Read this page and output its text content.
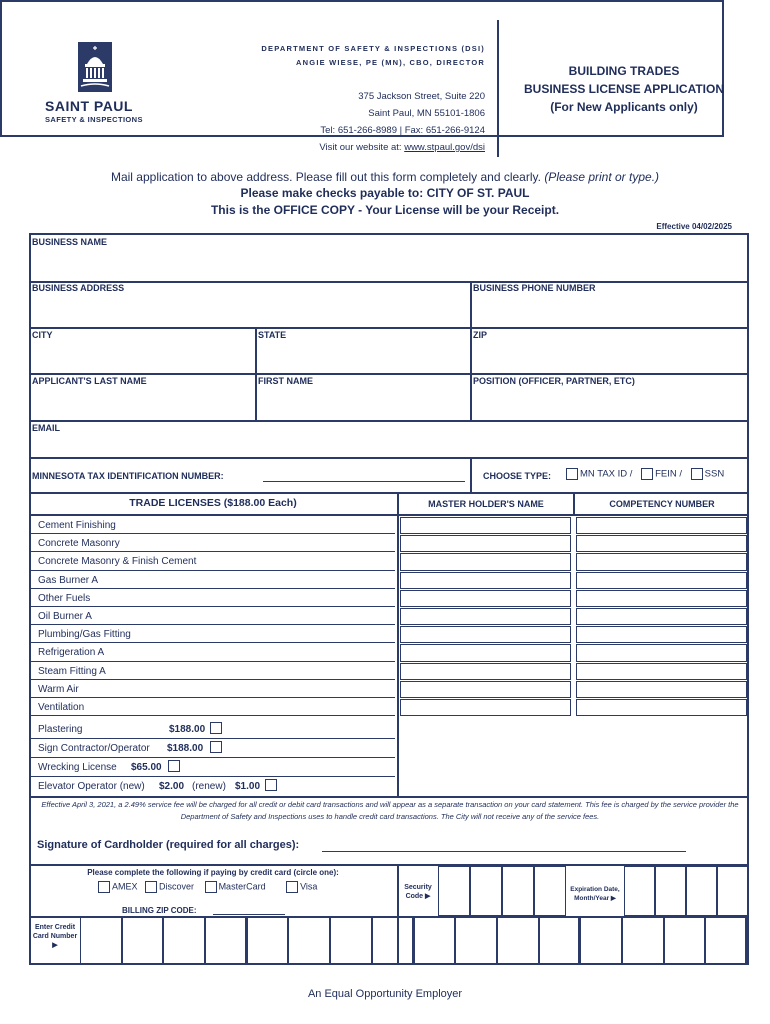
SAINT PAUL
SAFETY & INSPECTIONS
DEPARTMENT OF SAFETY & INSPECTIONS (DSI)
ANGIE WIESE, PE (MN), CBO, DIRECTOR
375 Jackson Street, Suite 220
Saint Paul, MN 55101-1806
Tel: 651-266-8989 | Fax: 651-266-9124
Visit our website at: www.stpaul.gov/dsi
BUILDING TRADES
BUSINESS LICENSE APPLICATION
(For New Applicants only)
Mail application to above address. Please fill out this form completely and clearly. (Please print or type.)
Please make checks payable to: CITY OF ST. PAUL
This is the OFFICE COPY - Your License will be your Receipt.
Effective 04/02/2025
BUSINESS NAME
BUSINESS ADDRESS	BUSINESS PHONE NUMBER
CITY	STATE	ZIP
APPLICANT'S LAST NAME	FIRST NAME	POSITION (OFFICER, PARTNER, ETC)
EMAIL
MINNESOTA TAX IDENTIFICATION NUMBER:	CHOOSE TYPE:	MN TAX ID / FEIN / SSN
TRADE LICENSES ($188.00 Each)	MASTER HOLDER'S NAME	COMPETENCY NUMBER
Cement Finishing
Concrete Masonry
Concrete Masonry & Finish Cement
Gas Burner A
Other Fuels
Oil Burner A
Plumbing/Gas Fitting
Refrigeration A
Steam Fitting A
Warm Air
Ventilation
Plastering	$188.00
Sign Contractor/Operator $188.00
Wrecking License $65.00
Elevator Operator (new) $2.00 (renew) $1.00
Effective April 3, 2021, a 2.49% service fee will be charged for all credit or debit card transactions and will appear as a separate transaction on your card statement. This fee is charged by the service provider the Department of Safety and Inspections uses to handle credit card transactions. The City will not receive any of the service fees.
Signature of Cardholder (required for all charges):
Please complete the following if paying by credit card (circle one):
AMEX Discover	MasterCard	Visa
BILLING ZIP CODE:
Security Code ▶
Expiration Date, Month/Year ▶
Enter Credit Card Number ▶
An Equal Opportunity Employer
